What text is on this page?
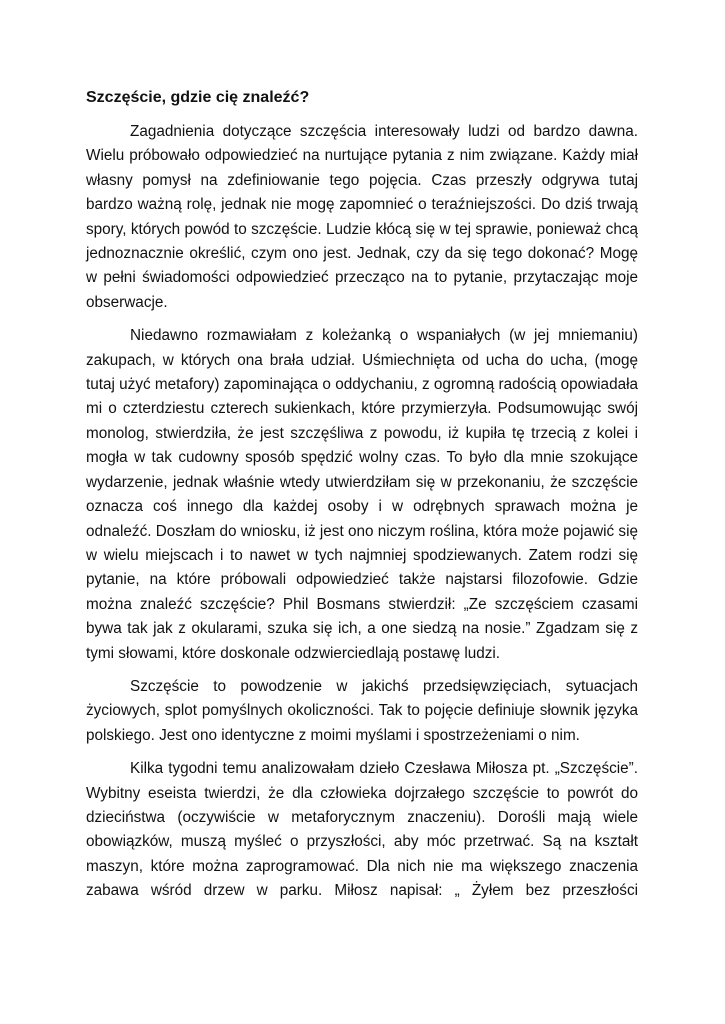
Szczęście, gdzie cię znaleźć?

Zagadnienia dotyczące szczęścia interesowały ludzi od bardzo dawna. Wielu próbowało odpowiedzieć na nurtujące pytania z nim związane. Każdy miał własny pomysł na zdefiniowanie tego pojęcia. Czas przeszły odgrywa tutaj bardzo ważną rolę, jednak nie mogę zapomnieć o teraźniejszości. Do dziś trwają spory, których powód to szczęście. Ludzie kłócą się w tej sprawie, ponieważ chcą jednoznacznie określić, czym ono jest. Jednak, czy da się tego dokonać? Mogę w pełni świadomości odpowiedzieć przecząco na to pytanie, przytaczając moje obserwacje.

Niedawno rozmawiałam z koleżanką o wspaniałych (w jej mniemaniu) zakupach, w których ona brała udział. Uśmiechnięta od ucha do ucha, (mogę tutaj użyć metafory) zapominająca o oddychaniu, z ogromną radością opowiadała mi o czterdziestu czterech sukienkach, które przymierzyła. Podsumowując swój monolog, stwierdziła, że jest szczęśliwa z powodu, iż kupiła tę trzecią z kolei i mogła w tak cudowny sposób spędzić wolny czas. To było dla mnie szokujące wydarzenie, jednak właśnie wtedy utwierdziłam się w przekonaniu, że szczęście oznacza coś innego dla każdej osoby i w odrębnych sprawach można je odnaleźć. Doszłam do wniosku, iż jest ono niczym roślina, która może pojawić się w wielu miejscach i to nawet w tych najmniej spodziewanych. Zatem rodzi się pytanie, na które próbowali odpowiedzieć także najstarsi filozofowie. Gdzie można znaleźć szczęście? Phil Bosmans stwierdził: „Ze szczęściem czasami bywa tak jak z okularami, szuka się ich, a one siedzą na nosie.” Zgadzam się z tymi słowami, które doskonale odzwierciedlają postawę ludzi.

Szczęście to powodzenie w jakichś przedsięwzięciach, sytuacjach życiowych, splot pomyślnych okoliczności. Tak to pojęcie definiuje słownik języka polskiego. Jest ono identyczne z moimi myślami i spostrzeżeniami o nim.

Kilka tygodni temu analizowałam dzieło Czesława Miłosza pt. „Szczęście”. Wybitny eseista twierdzi, że dla człowieka dojrzałego szczęście to powrót do dzieciństwa (oczywiście w metaforycznym znaczeniu). Dorośli mają wiele obowiązków, muszą myśleć o przyszłości, aby móc przetrwać. Są na kształt maszyn, które można zaprogramować. Dla nich nie ma większego znaczenia zabawa wśród drzew w parku. Miłosz napisał: „ Żyłem bez przeszłości
